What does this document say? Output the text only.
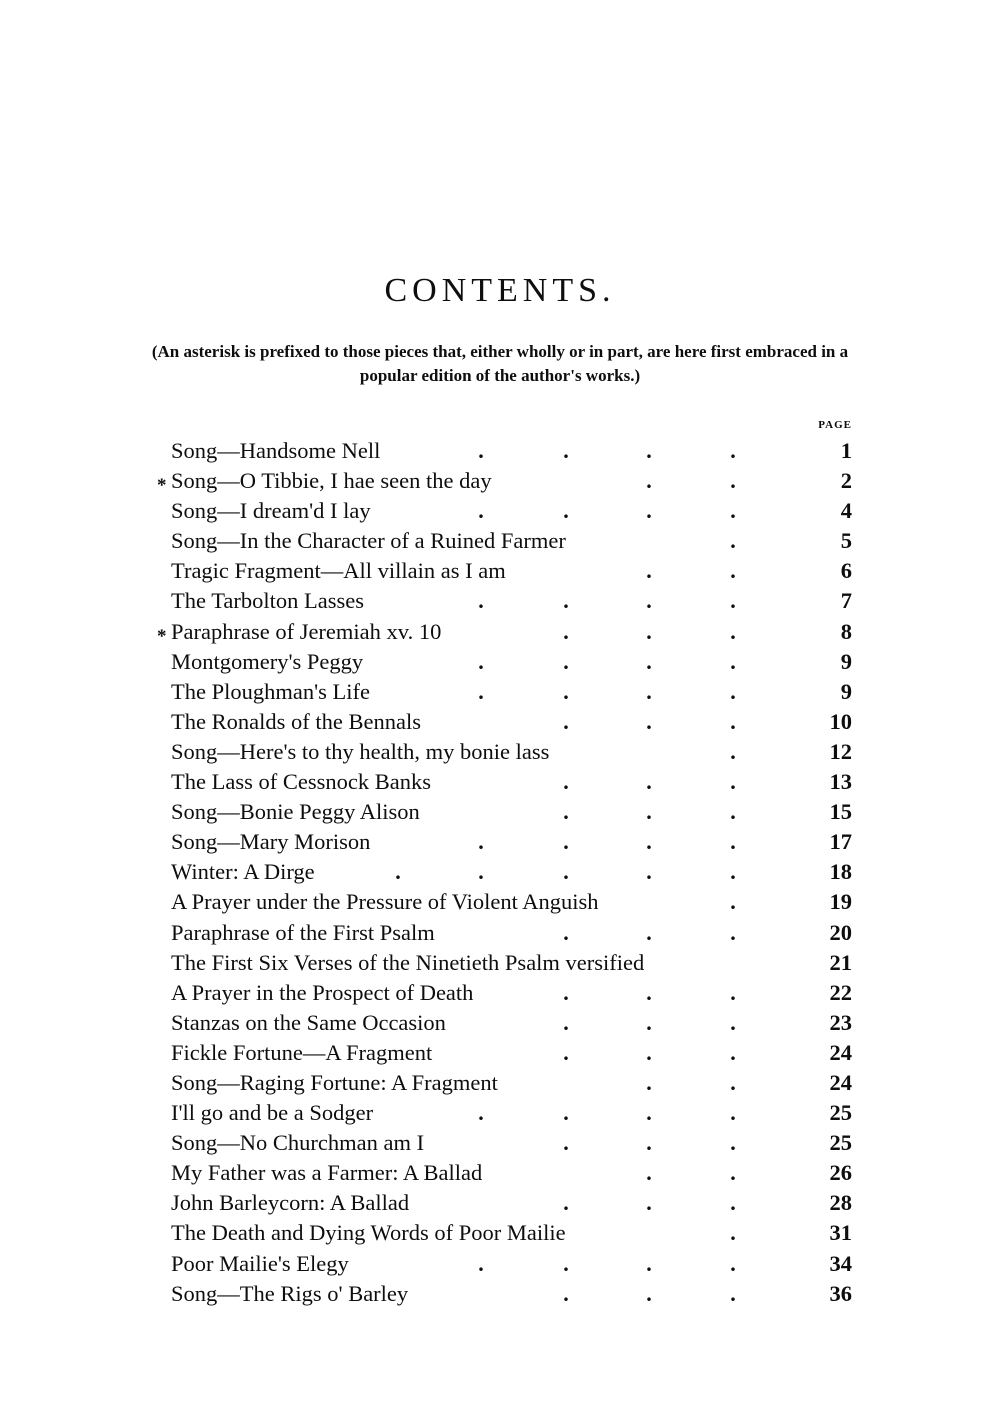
CONTENTS.
(An asterisk is prefixed to those pieces that, either wholly or in part, are here first embraced in a popular edition of the author's works.)
PAGE
Song—Handsome Nell	.	.	.	.	1
* Song—O Tibbie, I hae seen the day	.	.	2
Song—I dream'd I lay	.	.	.	.	4
Song—In the Character of a Ruined Farmer	.	5
Tragic Fragment—All villain as I am	.	.	6
The Tarbolton Lasses	.	.	.	.	7
* Paraphrase of Jeremiah xv. 10	.	.	.	8
Montgomery's Peggy	.	.	.	.	9
The Ploughman's Life	.	.	.	.	9
The Ronalds of the Bennals	.	.	.	10
Song—Here's to thy health, my bonie lass	.	12
The Lass of Cessnock Banks	.	.	.	13
Song—Bonie Peggy Alison	.	.	.	15
Song—Mary Morison	.	.	.	.	17
Winter: A Dirge	.	.	.	.	.	18
A Prayer under the Pressure of Violent Anguish	.	19
Paraphrase of the First Psalm	.	.	.	20
The First Six Verses of the Ninetieth Psalm versified	21
A Prayer in the Prospect of Death	.	.	.	22
Stanzas on the Same Occasion	.	.	.	23
Fickle Fortune—A Fragment	.	.	.	24
Song—Raging Fortune: A Fragment	.	.	24
I'll go and be a Sodger	.	.	.	.	25
Song—No Churchman am I	.	.	.	25
My Father was a Farmer: A Ballad	.	.	26
John Barleycorn: A Ballad	.	.	.	28
The Death and Dying Words of Poor Mailie	.	31
Poor Mailie's Elegy	.	.	.	.	34
Song—The Rigs o' Barley	.	.	.	36
